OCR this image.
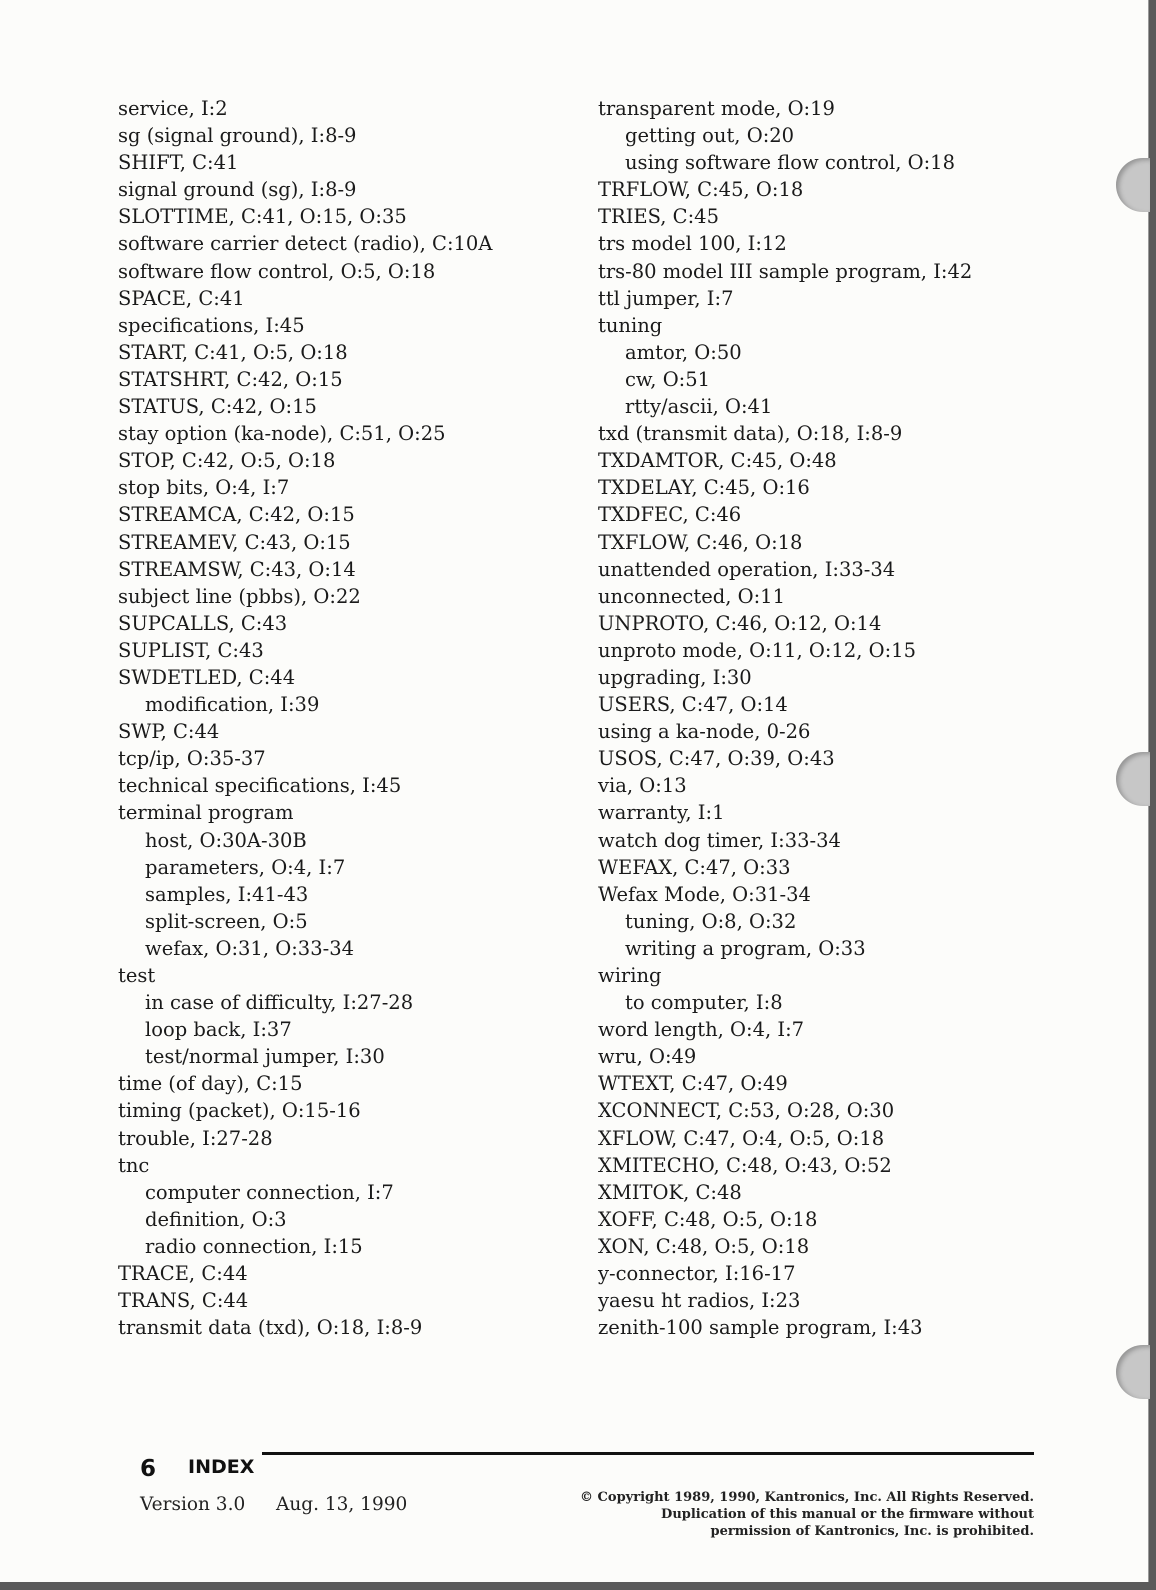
service, I:2
sg (signal ground), I:8-9
SHIFT, C:41
signal ground (sg), I:8-9
SLOTTIME, C:41, O:15, O:35
software carrier detect (radio), C:10A
software flow control, O:5, O:18
SPACE, C:41
specifications, I:45
START, C:41, O:5, O:18
STATSHRT, C:42, O:15
STATUS, C:42, O:15
stay option (ka-node), C:51, O:25
STOP, C:42, O:5, O:18
stop bits, O:4, I:7
STREAMCA, C:42, O:15
STREAMEV, C:43, O:15
STREAMSW, C:43, O:14
subject line (pbbs), O:22
SUPCALLS, C:43
SUPLIST, C:43
SWDETLED, C:44
modification, I:39
SWP, C:44
tcp/ip, O:35-37
technical specifications, I:45
terminal program
host, O:30A-30B
parameters, O:4, I:7
samples, I:41-43
split-screen, O:5
wefax, O:31, O:33-34
test
in case of difficulty, I:27-28
loop back, I:37
test/normal jumper, I:30
time (of day), C:15
timing (packet), O:15-16
trouble, I:27-28
tnc
computer connection, I:7
definition, O:3
radio connection, I:15
TRACE, C:44
TRANS, C:44
transmit data (txd), O:18, I:8-9
transparent mode, O:19
getting out, O:20
using software flow control, O:18
TRFLOW, C:45, O:18
TRIES, C:45
trs model 100, I:12
trs-80 model III sample program, I:42
ttl jumper, I:7
tuning
amtor, O:50
cw, O:51
rtty/ascii, O:41
txd (transmit data), O:18, I:8-9
TXDAMTOR, C:45, O:48
TXDELAY, C:45, O:16
TXDFEC, C:46
TXFLOW, C:46, O:18
unattended operation, I:33-34
unconnected, O:11
UNPROTO, C:46, O:12, O:14
unproto mode, O:11, O:12, O:15
upgrading, I:30
USERS, C:47, O:14
using a ka-node, 0-26
USOS, C:47, O:39, O:43
via, O:13
warranty, I:1
watch dog timer, I:33-34
WEFAX, C:47, O:33
Wefax Mode, O:31-34
tuning, O:8, O:32
writing a program, O:33
wiring
to computer, I:8
word length, O:4, I:7
wru, O:49
WTEXT, C:47, O:49
XCONNECT, C:53, O:28, O:30
XFLOW, C:47, O:4, O:5, O:18
XMITECHO, C:48, O:43, O:52
XMITOK, C:48
XOFF, C:48, O:5, O:18
XON, C:48, O:5, O:18
y-connector, I:16-17
yaesu ht radios, I:23
zenith-100 sample program, I:43
6 INDEX
Version 3.0 Aug. 13, 1990	© Copyright 1989, 1990, Kantronics, Inc. All Rights Reserved.
Duplication of this manual or the firmware without
permission of Kantronics, Inc. is prohibited.
